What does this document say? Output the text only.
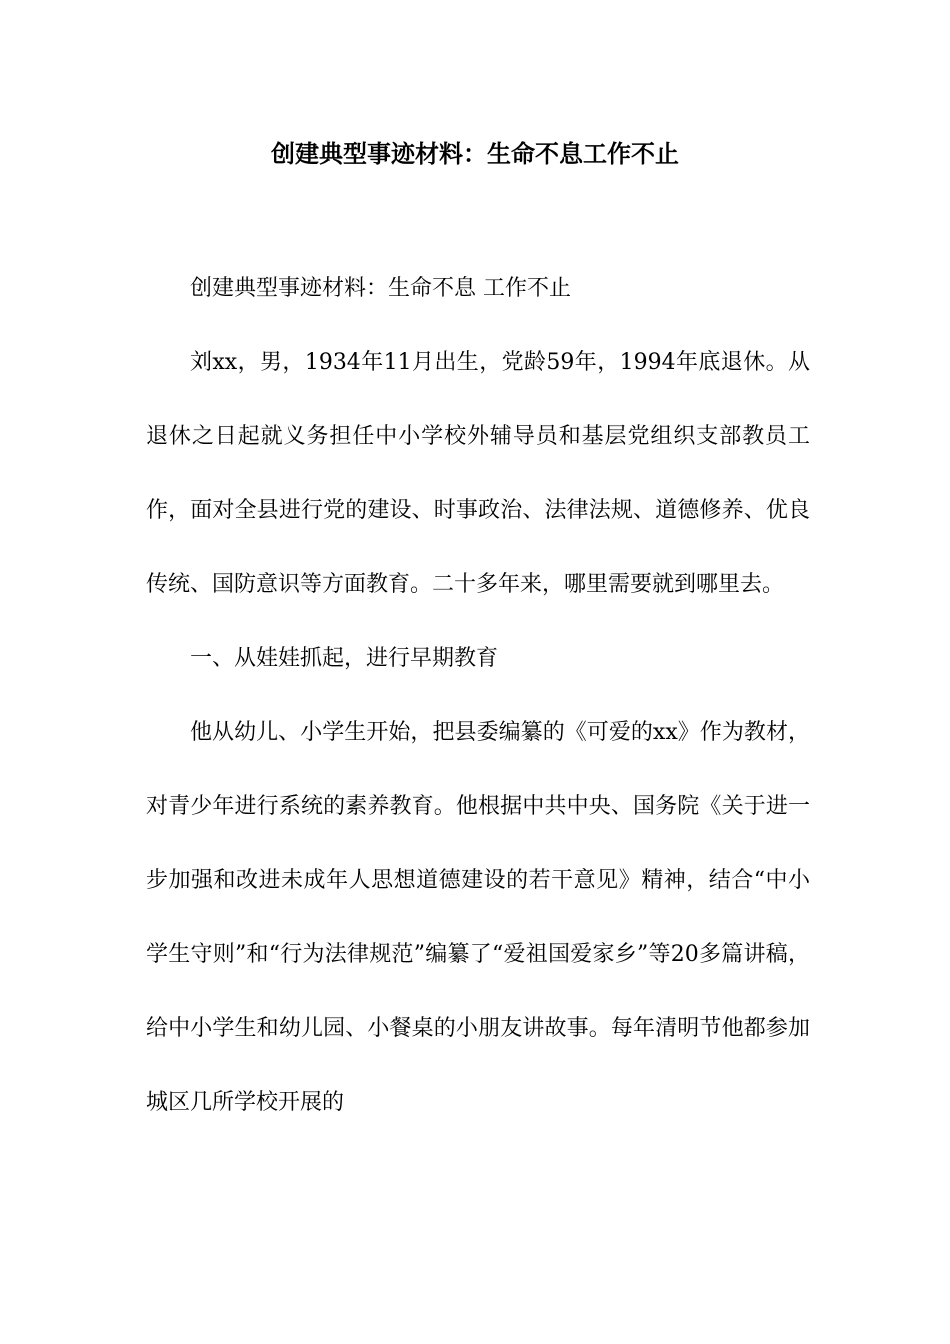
创建典型事迹材料：生命不息工作不止

创建典型事迹材料：生命不息 工作不止

刘xx，男，1934年11月出生，党龄59年，1994年底退休。从退休之日起就义务担任中小学校外辅导员和基层党组织支部教员工作，面对全县进行党的建设、时事政治、法律法规、道德修养、优良传统、国防意识等方面教育。二十多年来，哪里需要就到哪里去。

一、从娃娃抓起，进行早期教育

他从幼儿、小学生开始，把县委编纂的《可爱的xx》作为教材，对青少年进行系统的素养教育。他根据中共中央、国务院《关于进一步加强和改进未成年人思想道德建设的若干意见》精神，结合“中小学生守则”和“行为法律规范”编纂了“爱祖国爱家乡”等20多篇讲稿，给中小学生和幼儿园、小餐桌的小朋友讲故事。每年清明节他都参加城区几所学校开展的
